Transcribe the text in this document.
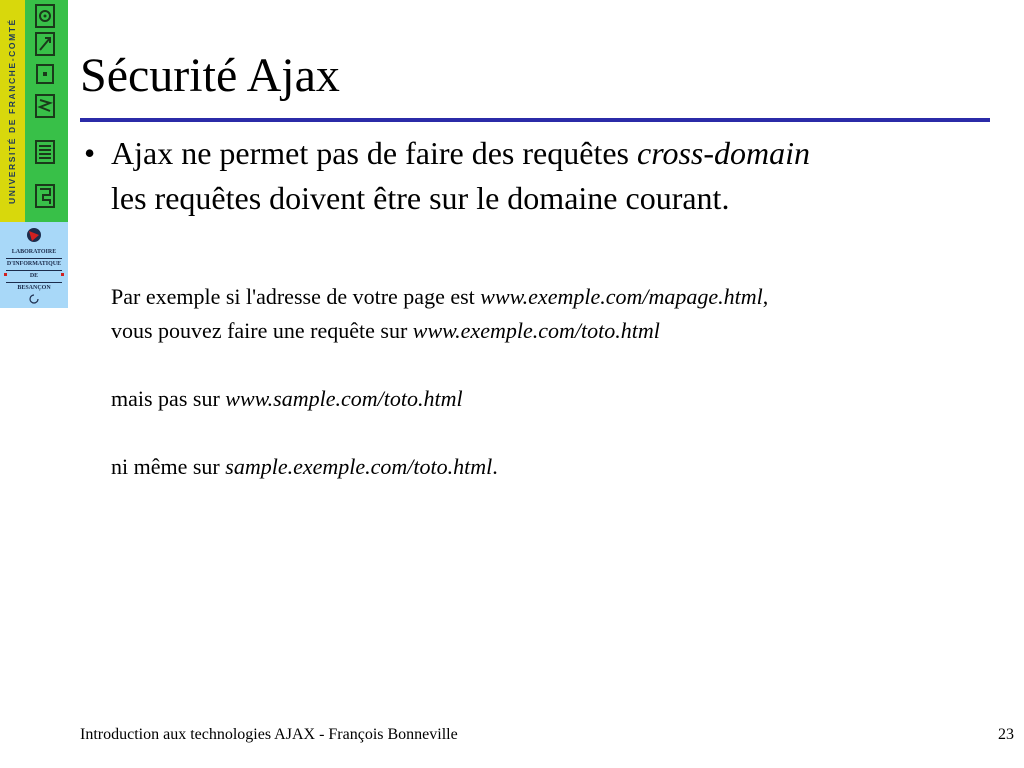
UNIVERSITÉ DE FRANCHE-COMTÉ
LABORATOIRE
D'INFORMATIQUE
DE
BESANÇON
Sécurité Ajax
• Ajax ne permet pas de faire des requêtes cross-domain
les requêtes doivent être sur le domaine courant.
Par exemple si l'adresse de votre page est www.exemple.com/mapage.html,
vous pouvez faire une requête sur www.exemple.com/toto.html
mais pas sur www.sample.com/toto.html
ni même sur sample.exemple.com/toto.html.
Introduction aux technologies AJAX - François Bonneville	23
